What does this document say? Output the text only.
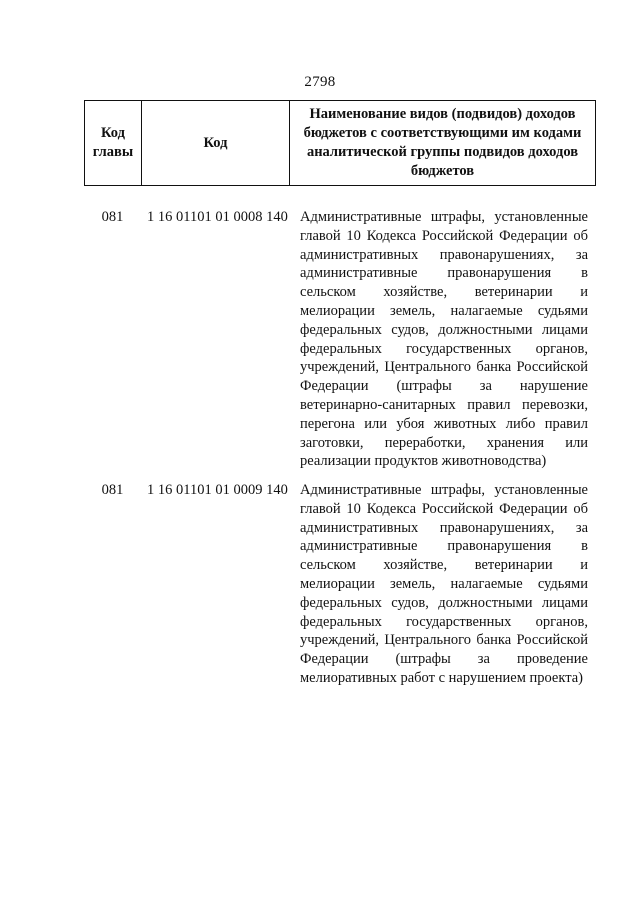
2798
Код главы	Код	Наименование видов (подвидов) доходов бюджетов с соответствующими им кодами аналитической группы подвидов доходов бюджетов
081	1 16 01101 01 0008 140 Административные штрафы, установленные главой 10 Кодекса Российской Федерации об административных правонарушениях, за административные правонарушения в сельском хозяйстве, ветеринарии и мелиорации земель, налагаемые судьями федеральных судов, должностными лицами федеральных государственных органов, учреждений, Центрального банка Российской Федерации (штрафы за нарушение ветеринарно-санитарных правил перевозки, перегона или убоя животных либо правил заготовки, переработки, хранения или реализации продуктов животноводства)
081	1 16 01101 01 0009 140 Административные штрафы, установленные главой 10 Кодекса Российской Федерации об административных правонарушениях, за административные правонарушения в сельском хозяйстве, ветеринарии и мелиорации земель, налагаемые судьями федеральных судов, должностными лицами федеральных государственных органов, учреждений, Центрального банка Российской Федерации (штрафы за проведение мелиоративных работ с нарушением проекта)
